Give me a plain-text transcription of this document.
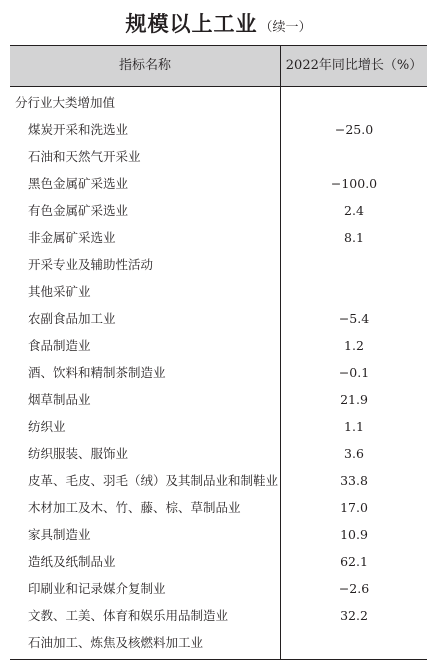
规模以上工业 （续一）
指标名称	2022年同比增长（%）
分行业大类增加值
煤炭开采和洗选业	−25.0
石油和天然气开采业
黑色金属矿采选业	−100.0
有色金属矿采选业	2.4
非金属矿采选业	8.1
开采专业及辅助性活动
其他采矿业
农副食品加工业	−5.4
食品制造业	1.2
酒、饮料和精制茶制造业	−0.1
烟草制品业	21.9
纺织业	1.1
纺织服装、服饰业	3.6
皮革、毛皮、羽毛（绒）及其制品业和制鞋业	33.8
木材加工及木、竹、藤、棕、草制品业	17.0
家具制造业	10.9
造纸及纸制品业	62.1
印刷业和记录媒介复制业	−2.6
文教、工美、体育和娱乐用品制造业	32.2
石油加工、炼焦及核燃料加工业
